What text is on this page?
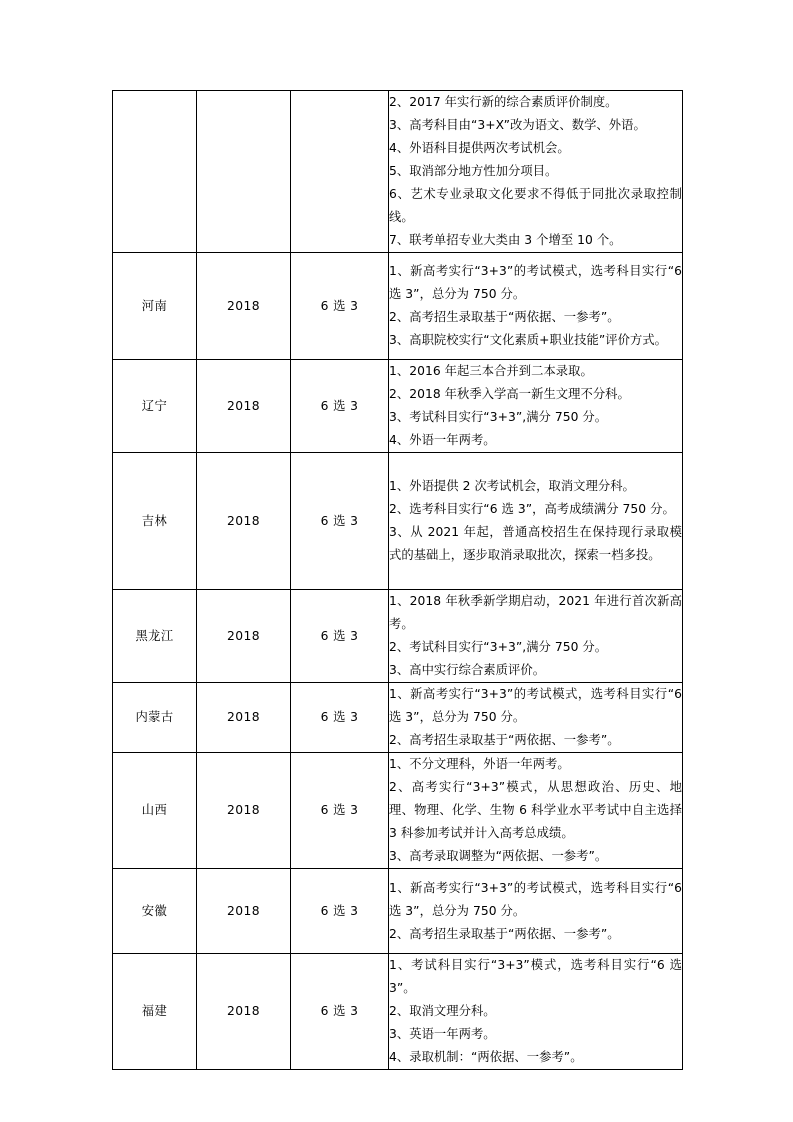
2、2017 年实行新的综合素质评价制度。
3、高考科目由“3+X”改为语文、数学、外语。
4、外语科目提供两次考试机会。
5、取消部分地方性加分项目。
6、艺术专业录取文化要求不得低于同批次录取控制线。
7、联考单招专业大类由 3 个增至 10 个。

河南	2018	6 选 3	1、新高考实行“3+3”的考试模式，选考科目实行“6 选 3”，总分为 750 分。
2、高考招生录取基于“两依据、一参考”。
3、高职院校实行“文化素质+职业技能”评价方式。

辽宁	2018	6 选 3	1、2016 年起三本合并到二本录取。
2、2018 年秋季入学高一新生文理不分科。
3、考试科目实行“3+3”,满分 750 分。
4、外语一年两考。

吉林	2018	6 选 3	1、外语提供 2 次考试机会，取消文理分科。
2、选考科目实行“6 选 3”，高考成绩满分 750 分。
3、从 2021 年起，普通高校招生在保持现行录取模式的基础上，逐步取消录取批次，探索一档多投。

黑龙江	2018	6 选 3	1、2018 年秋季新学期启动，2021 年进行首次新高考。
2、考试科目实行“3+3”,满分 750 分。
3、高中实行综合素质评价。

内蒙古	2018	6 选 3	1、新高考实行“3+3”的考试模式，选考科目实行“6 选 3”，总分为 750 分。
2、高考招生录取基于“两依据、一参考”。

山西	2018	6 选 3	1、不分文理科，外语一年两考。
2、高考实行“3+3”模式，从思想政治、历史、地理、物理、化学、生物 6 科学业水平考试中自主选择 3 科参加考试并计入高考总成绩。
3、高考录取调整为“两依据、一参考”。

安徽	2018	6 选 3	1、新高考实行“3+3”的考试模式，选考科目实行“6 选 3”，总分为 750 分。
2、高考招生录取基于“两依据、一参考”。

福建	2018	6 选 3	1、考试科目实行“3+3”模式，选考科目实行“6 选 3”。
2、取消文理分科。
3、英语一年两考。
4、录取机制：“两依据、一参考”。
